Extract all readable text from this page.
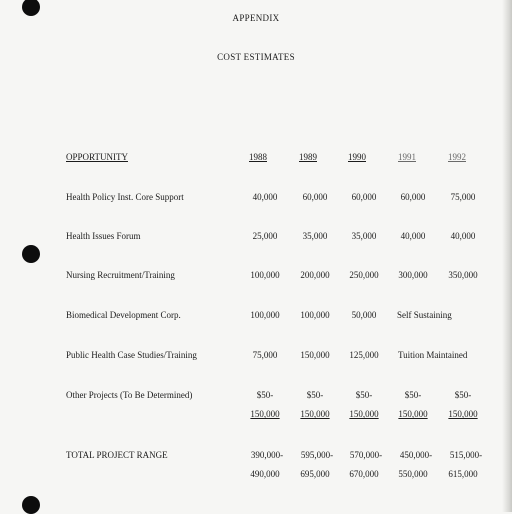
APPENDIX
COST ESTIMATES
OPPORTUNITY	1988	1989	1990	1991	1992
Health Policy Inst. Core Support	40,000	60,000	60,000	60,000	75,000
Health Issues Forum	25,000	35,000	35,000	40,000	40,000
Nursing Recruitment/Training	100,000	200,000	250,000	300,000	350,000
Biomedical Development Corp.	100,000	100,000	50,000	Self Sustaining
Public Health Case Studies/Training	75,000	150,000	125,000	Tuition Maintained
Other Projects (To Be Determined)	$50-	$50-	$50-	$50-	$50-
150,000	150,000	150,000	150,000	150,000
TOTAL PROJECT RANGE	390,000-	595,000-	570,000-	450,000-	515,000-
490,000	695,000	670,000	550,000	615,000
